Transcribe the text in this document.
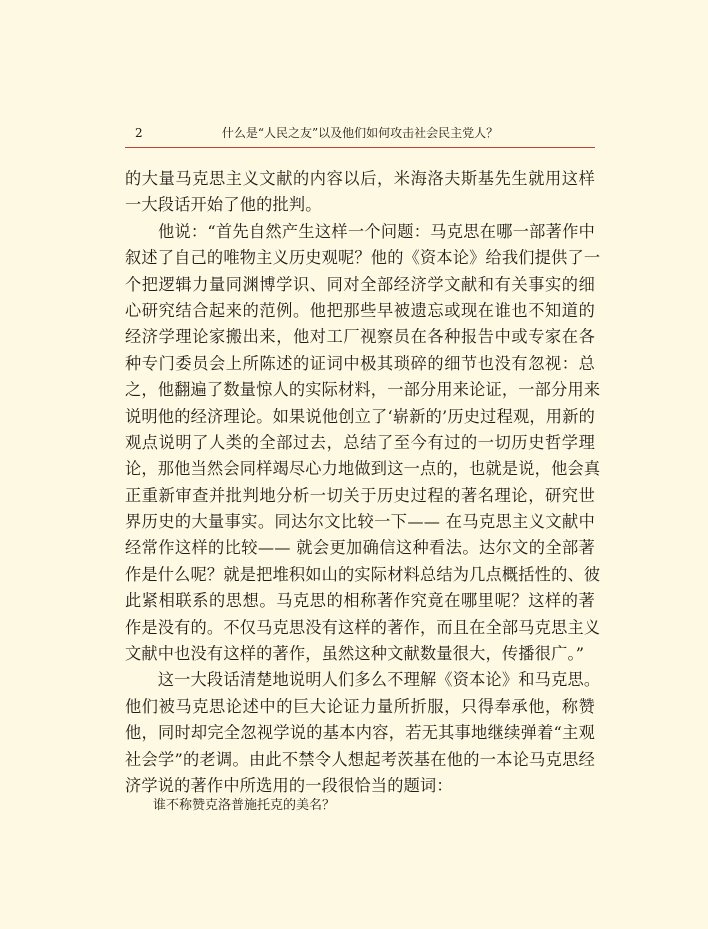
2	什么是“人民之友”以及他们如何攻击社会民主党人？
的大量马克思主义文献的内容以后，米海洛夫斯基先生就用这样
一大段话开始了他的批判。
　　他说：“首先自然产生这样一个问题：马克思在哪一部著作中
叙述了自己的唯物主义历史观呢？他的《资本论》给我们提供了一
个把逻辑力量同渊博学识、同对全部经济学文献和有关事实的细
心研究结合起来的范例。他把那些早被遗忘或现在谁也不知道的
经济学理论家搬出来，他对工厂视察员在各种报告中或专家在各
种专门委员会上所陈述的证词中极其琐碎的细节也没有忽视：总
之，他翻遍了数量惊人的实际材料，一部分用来论证，一部分用来
说明他的经济理论。如果说他创立了‘崭新的’历史过程观，用新的
观点说明了人类的全部过去，总结了至今有过的一切历史哲学理
论，那他当然会同样竭尽心力地做到这一点的，也就是说，他会真
正重新审查并批判地分析一切关于历史过程的著名理论，研究世
界历史的大量事实。同达尔文比较一下—— 在马克思主义文献中
经常作这样的比较—— 就会更加确信这种看法。达尔文的全部著
作是什么呢？就是把堆积如山的实际材料总结为几点概括性的、彼
此紧相联系的思想。马克思的相称著作究竟在哪里呢？这样的著
作是没有的。不仅马克思没有这样的著作，而且在全部马克思主义
文献中也没有这样的著作，虽然这种文献数量很大，传播很广。”
　　这一大段话清楚地说明人们多么不理解《资本论》和马克思。
他们被马克思论述中的巨大论证力量所折服，只得奉承他，称赞
他，同时却完全忽视学说的基本内容，若无其事地继续弹着“主观
社会学”的老调。由此不禁令人想起考茨基在他的一本论马克思经
济学说的著作中所选用的一段很恰当的题词：
谁不称赞克洛普施托克的美名？
